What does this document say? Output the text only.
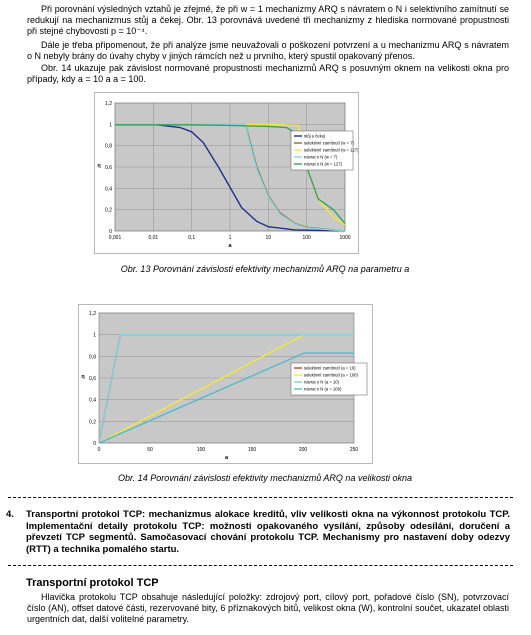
Při porovnání výsledných vztahů je zřejmé, že při w = 1 mechanizmy ARQ s návratem o N i selektivního zamítnutí se redukují na mechanizmus stůj a čekej. Obr. 13 porovnává uvedené tři mechanizmy z hlediska normované propustnosti při stejné chybovosti p = 10⁻⁴.

Dále je třeba připomenout, že při analýze jsme neuvažovali o poškození potvrzení a u mechanizmu ARQ s návratem o N nebyly brány do úvahy chyby v jiných rámcích než u prvního, který spustil opakovaný přenos.

Obr. 14 ukazuje pak závislost normované propustnosti mechanizmů ARQ s posuvným oknem na velikosti okna pro případy, kdy a = 10 a a = 100.

0
0,2
0,4
0,6
0,8
1
1,2
0,001	0,01	0,1	1	10	100	1000
a
η
stůj a čekej
selektivní zamítnutí (w = 7)
selektivní zamítnutí (w = 127)
návrat o N (w = 7)
návrat o N (w = 127)
Obr. 13 Porovnání závislosti efektivity mechanizmů ARQ na parametru a
0
0,2
0,4
0,6
0,8
1
1,2
0	50	100	150	200	250
a
η
selektivní zamítnutí (a = 10)
selektivní zamítnutí (a = 100)
návrat o N (a = 10)
návrat o N (a = 100)
Obr. 14 Porovnání závislosti efektivity mechanizmů ARQ na velikosti okna
4. Transportní protokol TCP: mechanizmus alokace kreditů, vliv velikosti okna na výkonnost protokolu TCP. Implementační detaily protokolu TCP: možnosti opakovaného vysílání, způsoby odesílání, doručení a převzetí TCP segmentů. Samočasovací chování protokolu TCP. Mechanismy pro nastavení doby odezvy (RTT) a technika pomalého startu.
Transportní protokol TCP

Hlavička protokolu TCP obsahuje následující položky: zdrojový port, cílový port, pořadové číslo (SN), potvrzovací číslo (AN), offset datové části, rezervované bity, 6 příznakových bitů, velikost okna (W), kontrolní součet, ukazatel oblasti urgentních dat, další volitelné parametry.
